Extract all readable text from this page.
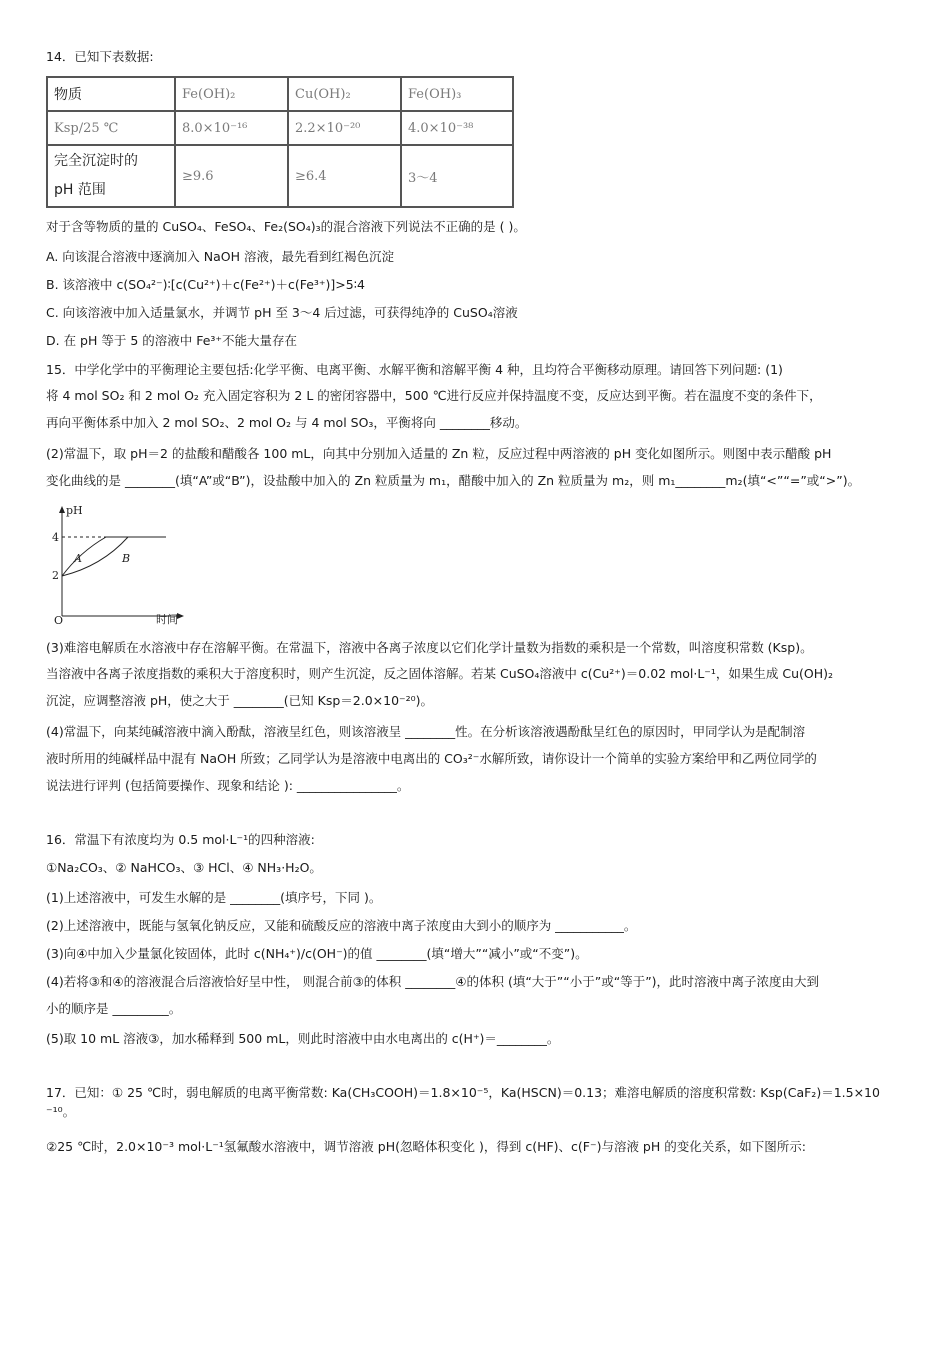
14．已知下表数据:
物质	Fe(OH)₂	Cu(OH)₂	Fe(OH)₃
Ksp/25 ℃	8.0×10⁻¹⁶	2.2×10⁻²⁰	4.0×10⁻³⁸

完全沉淀时的
pH 范围	≥9.6	≥6.4	3～4
对于含等物质的量的 CuSO₄、FeSO₄、Fe₂(SO₄)₃的混合溶液下列说法不正确的是 ( )。
A. 向该混合溶液中逐滴加入 NaOH 溶液，最先看到红褐色沉淀
B. 该溶液中 c(SO₄²⁻)∶[c(Cu²⁺)＋c(Fe²⁺)＋c(Fe³⁺)]>5∶4
C. 向该溶液中加入适量氯水，并调节 pH 至 3～4 后过滤，可获得纯净的 CuSO₄溶液
D. 在 pH 等于 5 的溶液中 Fe³⁺不能大量存在
15．中学化学中的平衡理论主要包括:化学平衡、电离平衡、水解平衡和溶解平衡 4 种，且均符合平衡移动原理。请回答下列问题: (1)
将 4 mol SO₂ 和 2 mol O₂ 充入固定容积为 2 L 的密闭容器中，500 ℃进行反应并保持温度不变，反应达到平衡。若在温度不变的条件下，
再向平衡体系中加入 2 mol SO₂、2 mol O₂ 与 4 mol SO₃，平衡将向 ________移动。
(2)常温下，取 pH＝2 的盐酸和醋酸各 100 mL，向其中分别加入适量的 Zn 粒，反应过程中两溶液的 pH 变化如图所示。则图中表示醋酸 pH
变化曲线的是 ________(填“A”或“B”)，设盐酸中加入的 Zn 粒质量为 m₁，醋酸中加入的 Zn 粒质量为 m₂，则 m₁________m₂(填“<”“=”或“>”)。
pH
时间
O
4
2
A	B
(3)难溶电解质在水溶液中存在溶解平衡。在常温下，溶液中各离子浓度以它们化学计量数为指数的乘积是一个常数，叫溶度积常数 (Ksp)。
当溶液中各离子浓度指数的乘积大于溶度积时，则产生沉淀，反之固体溶解。若某 CuSO₄溶液中 c(Cu²⁺)＝0.02 mol·L⁻¹，如果生成 Cu(OH)₂
沉淀，应调整溶液 pH，使之大于 ________(已知 Ksp＝2.0×10⁻²⁰)。
(4)常温下，向某纯碱溶液中滴入酚酞，溶液呈红色，则该溶液呈 ________性。在分析该溶液遇酚酞呈红色的原因时，甲同学认为是配制溶
液时所用的纯碱样品中混有 NaOH 所致；乙同学认为是溶液中电离出的 CO₃²⁻水解所致，请你设计一个简单的实验方案给甲和乙两位同学的
说法进行评判 (包括简要操作、现象和结论 ): ________________。
16．常温下有浓度均为 0.5 mol·L⁻¹的四种溶液:
①Na₂CO₃、② NaHCO₃、③ HCl、④ NH₃·H₂O。
(1)上述溶液中，可发生水解的是 ________(填序号，下同 )。
(2)上述溶液中，既能与氢氧化钠反应，又能和硫酸反应的溶液中离子浓度由大到小的顺序为 ___________。
(3)向④中加入少量氯化铵固体，此时 c(NH₄⁺)/c(OH⁻)的值 ________(填“增大”“减小”或“不变”)。
(4)若将③和④的溶液混合后溶液恰好呈中性， 则混合前③的体积 ________④的体积 (填“大于”“小于”或“等于”)，此时溶液中离子浓度由大到
小的顺序是 _________。
(5)取 10 mL 溶液③，加水稀释到 500 mL，则此时溶液中由水电离出的 c(H⁺)＝________。
17．已知：① 25 ℃时，弱电解质的电离平衡常数: Ka(CH₃COOH)＝1.8×10⁻⁵，Ka(HSCN)＝0.13；难溶电解质的溶度积常数: Ksp(CaF₂)＝1.5×10
⁻¹⁰。
②25 ℃时，2.0×10⁻³ mol·L⁻¹氢氟酸水溶液中，调节溶液 pH(忽略体积变化 )，得到 c(HF)、c(F⁻)与溶液 pH 的变化关系，如下图所示:
